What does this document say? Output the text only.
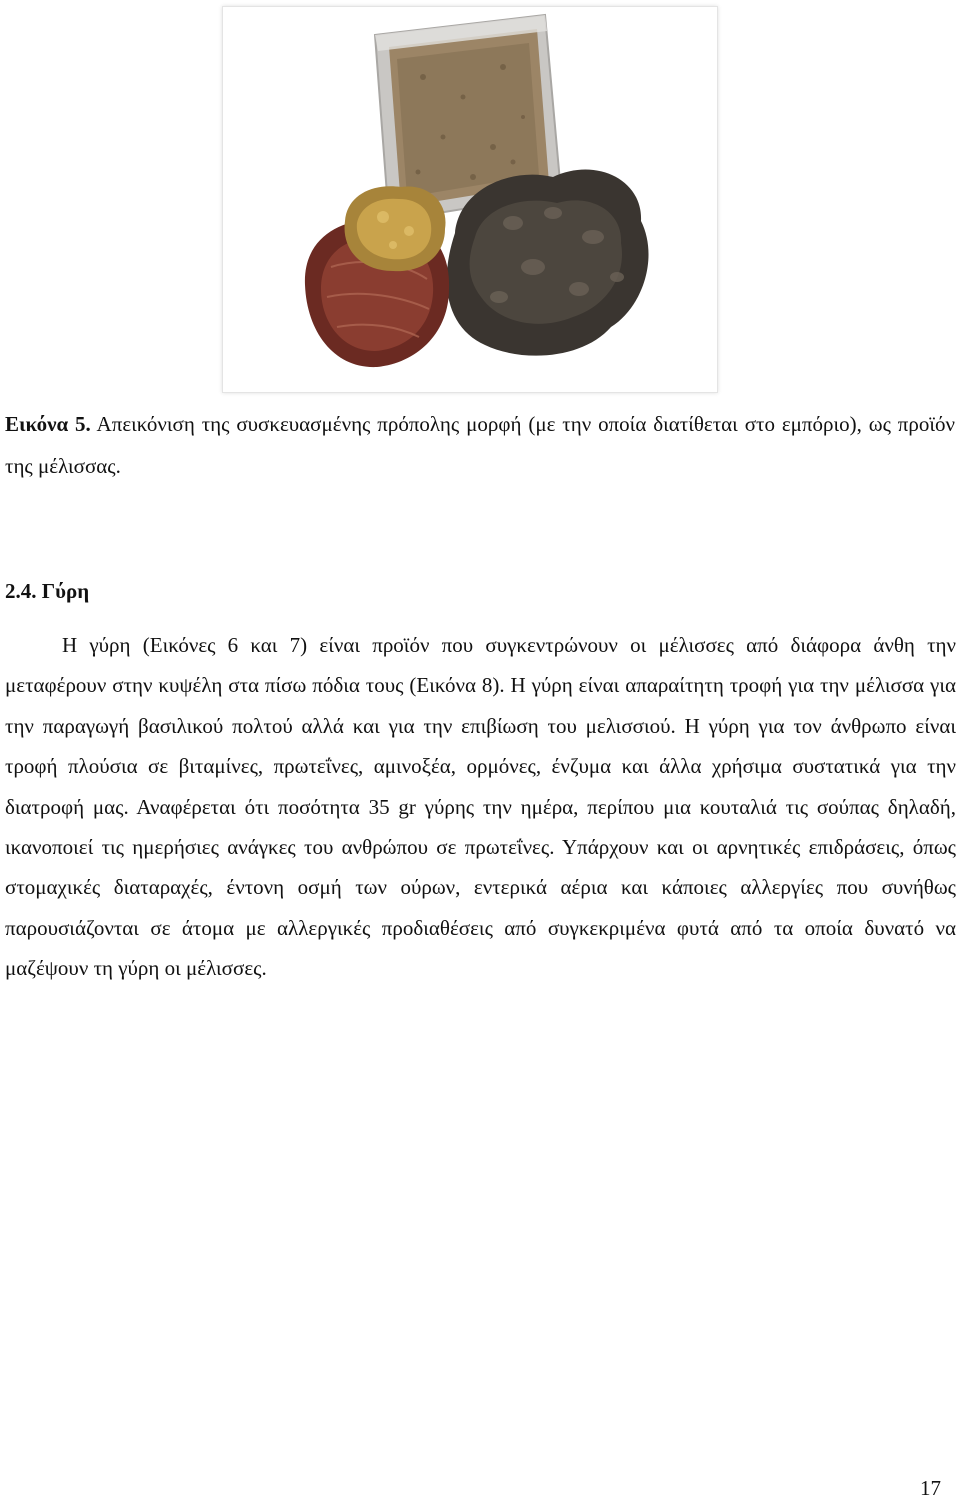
Εικόνα 5. Απεικόνιση της συσκευασμένης πρόπολης μορφή (με την οποία διατίθεται στο εμπόριο), ως προϊόν της μέλισσας.

2.4. Γύρη

Η γύρη (Εικόνες 6 και 7) είναι προϊόν που συγκεντρώνουν οι μέλισσες από διάφορα άνθη την μεταφέρουν στην κυψέλη στα πίσω πόδια τους (Εικόνα 8). Η γύρη είναι απαραίτητη τροφή για την μέλισσα για την παραγωγή βασιλικού πολτού αλλά και για την επιβίωση του μελισσιού. Η γύρη για τον άνθρωπο είναι τροφή πλούσια σε βιταμίνες, πρωτεΐνες, αμινοξέα, ορμόνες, ένζυμα και άλλα χρήσιμα συστατικά για την διατροφή μας. Αναφέρεται ότι ποσότητα 35 gr γύρης την ημέρα, περίπου μια κουταλιά τις σούπας δηλαδή, ικανοποιεί τις ημερήσιες ανάγκες του ανθρώπου σε πρωτεΐνες. Υπάρχουν και οι αρνητικές επιδράσεις, όπως στομαχικές διαταραχές, έντονη οσμή των ούρων, εντερικά αέρια και κάποιες αλλεργίες που συνήθως παρουσιάζονται σε άτομα με αλλεργικές προδιαθέσεις από συγκεκριμένα φυτά από τα οποία δυνατό να μαζέψουν τη γύρη οι μέλισσες.

17
